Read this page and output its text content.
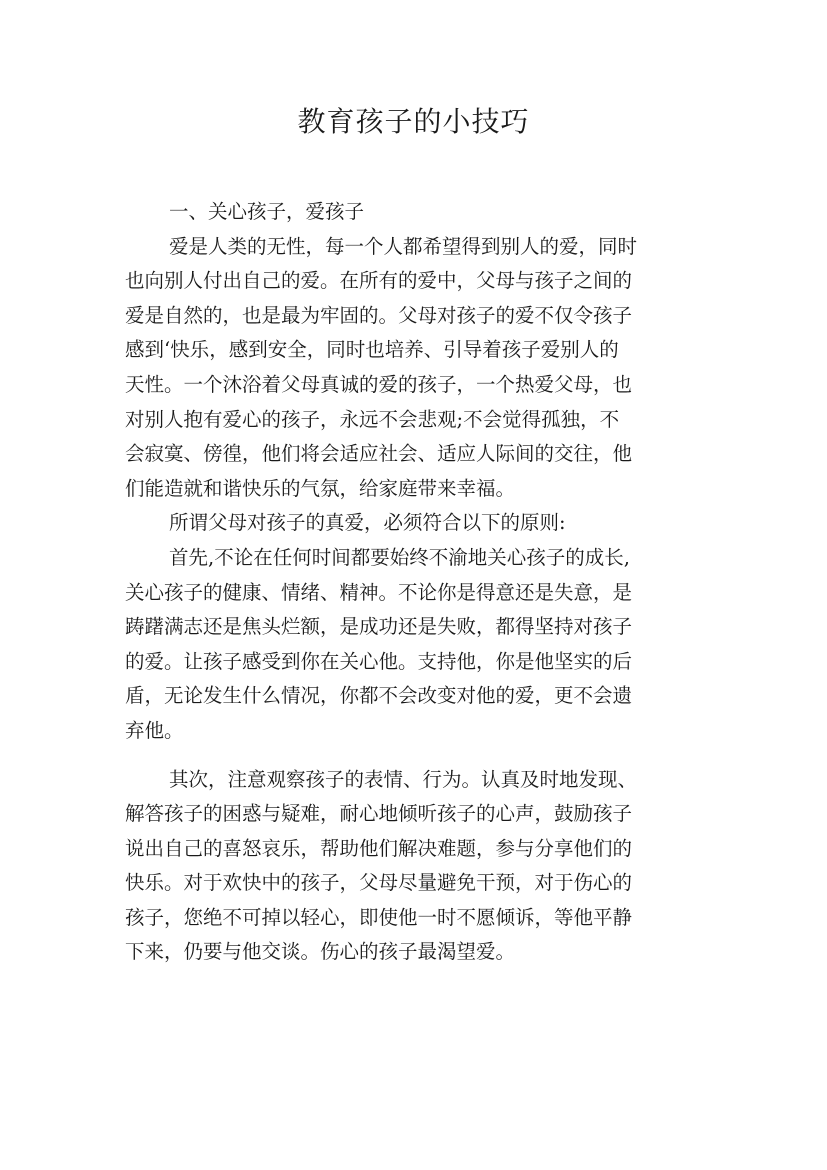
教育孩子的小技巧
一、关心孩子，爱孩子
爱是人类的无性，每一个人都希望得到别人的爱，同时
也向别人付出自己的爱。在所有的爱中，父母与孩子之间的
爱是自然的，也是最为牢固的。父母对孩子的爱不仅令孩子
感到‘快乐，感到安全，同时也培养、引导着孩子爱别人的
天性。一个沐浴着父母真诚的爱的孩子，一个热爱父母，也
对别人抱有爱心的孩子，永远不会悲观;不会觉得孤独，不
会寂寞、傍徨，他们将会适应社会、适应人际间的交往，他
们能造就和谐快乐的气氛，给家庭带来幸福。
所谓父母对孩子的真爱，必须符合以下的原则:
首先,不论在任何时间都要始终不渝地关心孩子的成长,
关心孩子的健康、情绪、精神。不论你是得意还是失意，是
踌躇满志还是焦头烂额，是成功还是失败，都得坚持对孩子
的爱。让孩子感受到你在关心他。支持他，你是他坚实的后
盾，无论发生什么情况，你都不会改变对他的爱，更不会遗
弃他。
其次，注意观察孩子的表情、行为。认真及时地发现、
解答孩子的困惑与疑难，耐心地倾听孩子的心声，鼓励孩子
说出自己的喜怒哀乐，帮助他们解决难题，参与分享他们的
快乐。对于欢快中的孩子，父母尽量避免干预，对于伤心的
孩子，您绝不可掉以轻心，即使他一时不愿倾诉，等他平静
下来，仍要与他交谈。伤心的孩子最渴望爱。
